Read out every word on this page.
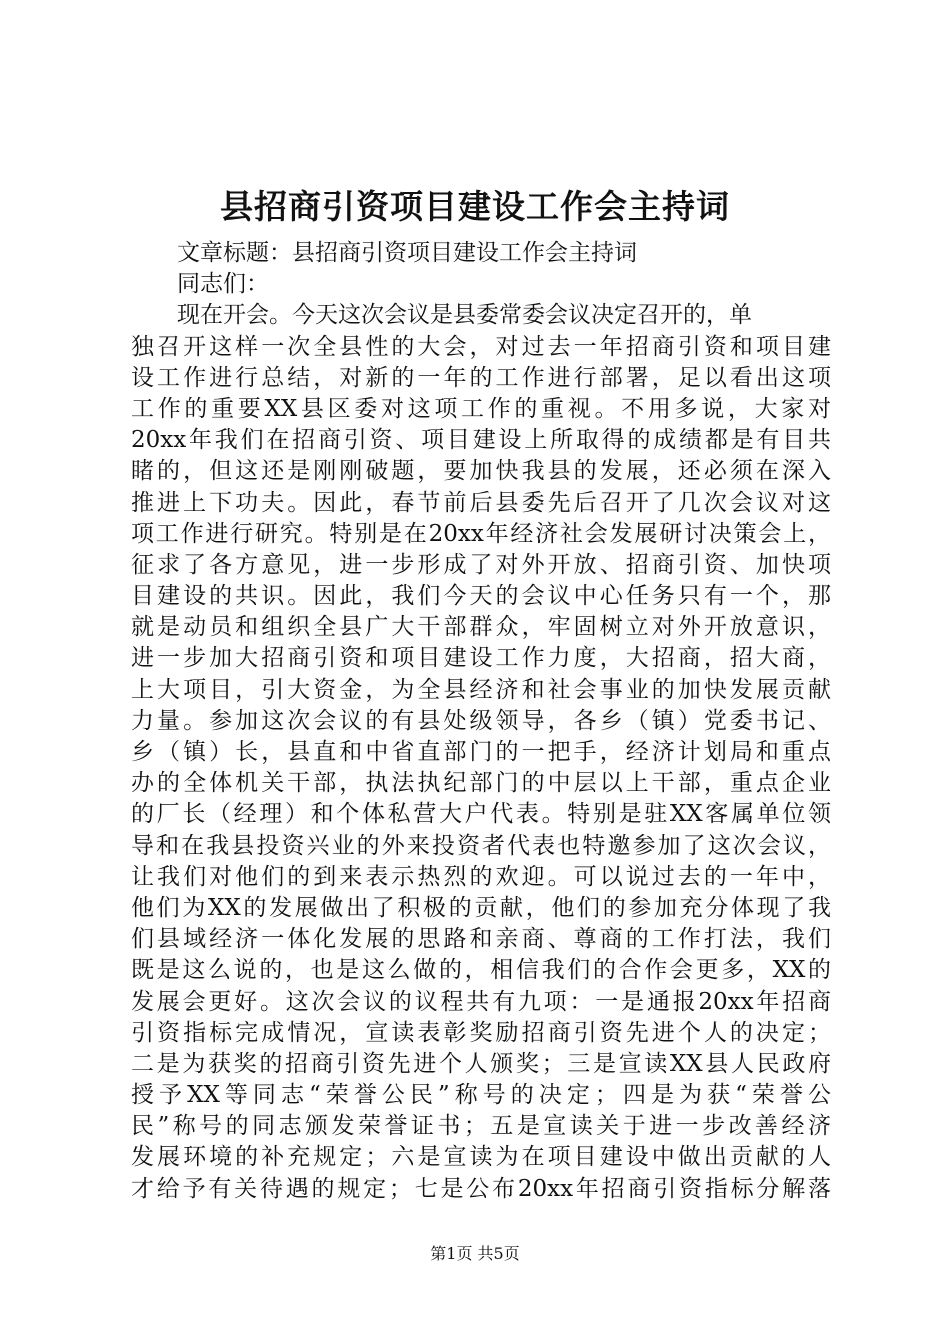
县招商引资项目建设工作会主持词
文章标题：县招商引资项目建设工作会主持词
同志们：
现在开会。今天这次会议是县委常委会议决定召开的，单
独召开这样一次全县性的大会，对过去一年招商引资和项目建
设工作进行总结，对新的一年的工作进行部署，足以看出这项
工作的重要XX县区委对这项工作的重视。不用多说，大家对
20xx年我们在招商引资、项目建设上所取得的成绩都是有目共
睹的，但这还是刚刚破题，要加快我县的发展，还必须在深入
推进上下功夫。因此，春节前后县委先后召开了几次会议对这
项工作进行研究。特别是在20xx年经济社会发展研讨决策会上，
征求了各方意见，进一步形成了对外开放、招商引资、加快项
目建设的共识。因此，我们今天的会议中心任务只有一个，那
就是动员和组织全县广大干部群众，牢固树立对外开放意识，
进一步加大招商引资和项目建设工作力度，大招商，招大商，
上大项目，引大资金，为全县经济和社会事业的加快发展贡献
力量。参加这次会议的有县处级领导，各乡（镇）党委书记、
乡（镇）长，县直和中省直部门的一把手，经济计划局和重点
办的全体机关干部，执法执纪部门的中层以上干部，重点企业
的厂长（经理）和个体私营大户代表。特别是驻XX客属单位领
导和在我县投资兴业的外来投资者代表也特邀参加了这次会议，
让我们对他们的到来表示热烈的欢迎。可以说过去的一年中，
他们为XX的发展做出了积极的贡献，他们的参加充分体现了我
们县域经济一体化发展的思路和亲商、尊商的工作打法，我们
既是这么说的，也是这么做的，相信我们的合作会更多，XX的
发展会更好。这次会议的议程共有九项：一是通报20xx年招商
引资指标完成情况，宣读表彰奖励招商引资先进个人的决定；
二是为获奖的招商引资先进个人颁奖；三是宣读XX县人民政府
授予XX等同志“荣誉公民”称号的决定；四是为获“荣誉公
民”称号的同志颁发荣誉证书；五是宣读关于进一步改善经济
发展环境的补充规定；六是宣读为在项目建设中做出贡献的人
才给予有关待遇的规定；七是公布20xx年招商引资指标分解落
第1页 共5页
